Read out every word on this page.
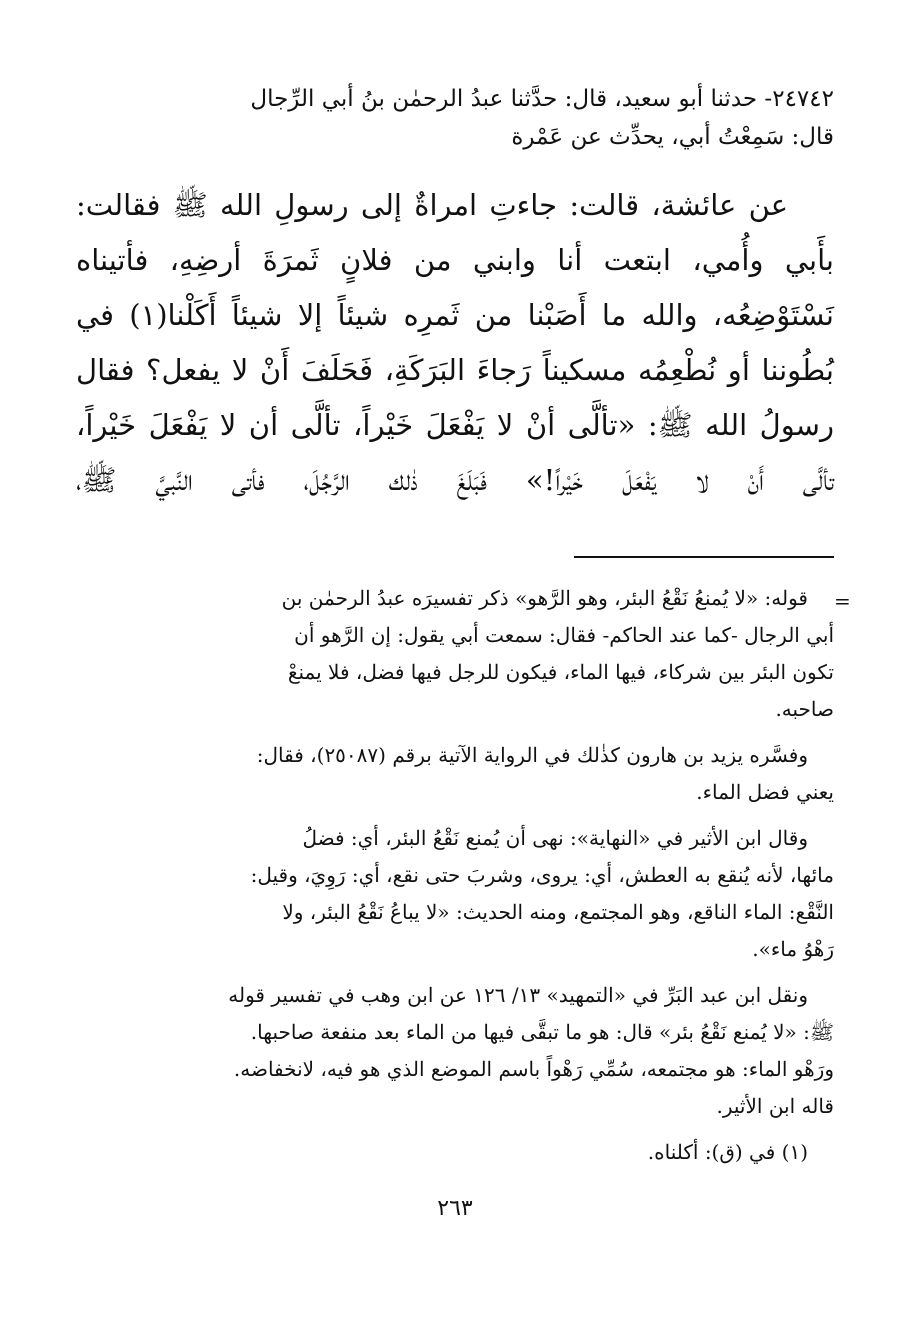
٢٤٧٤٢- حدثنا أبو سعيد، قال: حدَّثنا عبدُ الرحمٰن بنُ أبي الرِّجال
قال: سَمِعْتُ أبي، يحدِّث عن عَمْرة
عن عائشة، قالت: جاءتِ امراةٌ إلى رسولِ الله ﷺ فقالت:
بأَبي وأُمي، ابتعت أنا وابني من فلانٍ ثَمرَةَ أرضِهِ، فأتيناه
نَسْتَوْضِعُه، والله ما أَصَبْنا من ثَمرِه شيئاً إلا شيئاً أَكَلْنا(١) في
بُطُوننا أو نُطْعِمُه مسكيناً رَجاءَ البَرَكَةِ، فَحَلَفَ أَنْ لا يفعل؟ فقال
رسولُ الله ﷺ: «تألَّى أنْ لا يَفْعَلَ خَيْراً، تألَّى أن لا يَفْعَلَ خَيْراً،
تألَّى أَنْ لا يَفْعَلَ خَيْراً!» فَبَلَغَ ذٰلك الرَّجُلَ، فأتى النَّبيَّ ﷺ،
=

قوله: «لا يُمنعُ نَقْعُ البئر، وهو الرَّهو» ذكر تفسيرَه عبدُ الرحمٰن بن
أبي الرجال -كما عند الحاكم- فقال: سمعت أبي يقول: إن الرَّهو أن
تكون البئر بين شركاء، فيها الماء، فيكون للرجل فيها فضل، فلا يمنعْ
صاحبه.

وفسَّره يزيد بن هارون كذٰلك في الرواية الآتية برقم (٢٥٠٨٧)، فقال:
يعني فضل الماء.

وقال ابن الأثير في «النهاية»: نهى أن يُمنع نَقْعُ البئر، أي: فضلُ
مائها، لأنه يُنقع به العطش، أي: يروى، وشربَ حتى نقع، أي: رَوِيَ، وقيل:
النَّقْع: الماء الناقع، وهو المجتمع، ومنه الحديث: «لا يباعُ نَقْعُ البئر، ولا
رَهْوُ ماء».

ونقل ابن عبد البَرِّ في «التمهيد» ١٣/ ١٢٦ عن ابن وهب في تفسير قوله
ﷺ: «لا يُمنع نَقْعُ بئر» قال: هو ما تبقَّى فيها من الماء بعد منفعة صاحبها.
ورَهْو الماء: هو مجتمعه، سُمِّي رَهْواً باسم الموضع الذي هو فيه، لانخفاضه.
قاله ابن الأثير.

(١) في (ق): أكلناه.

٢٦٣
